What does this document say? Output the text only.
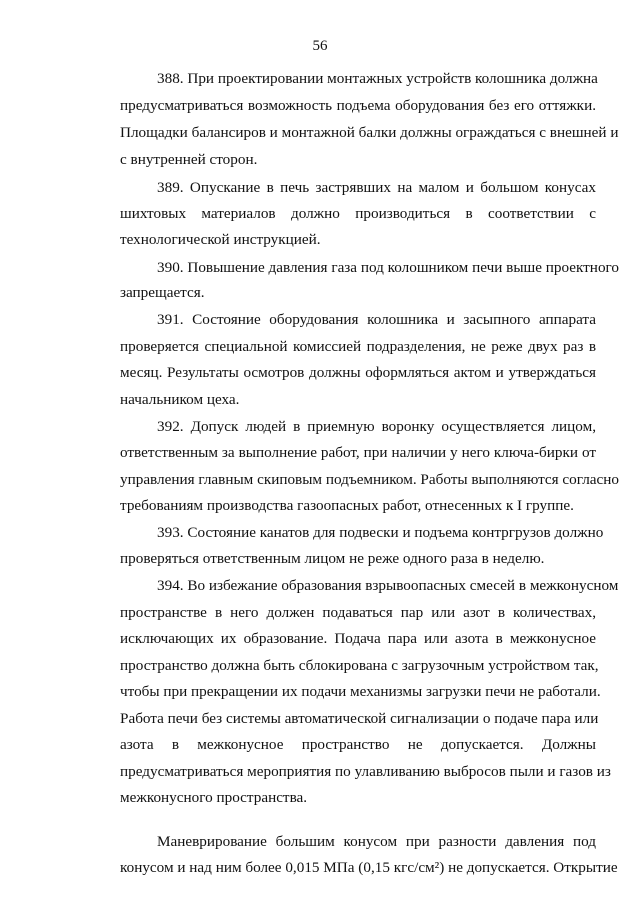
56
388. При проектировании монтажных устройств колошника должна
предусматриваться возможность подъема оборудования без его оттяжки.
Площадки балансиров и монтажной балки должны ограждаться с внешней и
с внутренней сторон.
389. Опускание в печь застрявших на малом и большом конусах
шихтовых материалов должно производиться в соответствии с
технологической инструкцией.
390. Повышение давления газа под колошником печи выше проектного
запрещается.
391. Состояние оборудования колошника и засыпного аппарата
проверяется специальной комиссией подразделения, не реже двух раз в
месяц. Результаты осмотров должны оформляться актом и утверждаться
начальником цеха.
392. Допуск людей в приемную воронку осуществляется лицом,
ответственным за выполнение работ, при наличии у него ключа-бирки от
управления главным скиповым подъемником. Работы выполняются согласно
требованиям производства газоопасных работ, отнесенных к I группе.
393. Состояние канатов для подвески и подъема контргрузов должно
проверяться ответственным лицом не реже одного раза в неделю.
394. Во избежание образования взрывоопасных смесей в межконусном
пространстве в него должен подаваться пар или азот в количествах,
исключающих их образование. Подача пара или азота в межконусное
пространство должна быть сблокирована с загрузочным устройством так,
чтобы при прекращении их подачи механизмы загрузки печи не работали.
Работа печи без системы автоматической сигнализации о подаче пара или
азота в межконусное пространство не допускается. Должны
предусматриваться мероприятия по улавливанию выбросов пыли и газов из
межконусного пространства.
Маневрирование большим конусом при разности давления под
конусом и над ним более 0,015 МПа (0,15 кгс/см²) не допускается. Открытие
